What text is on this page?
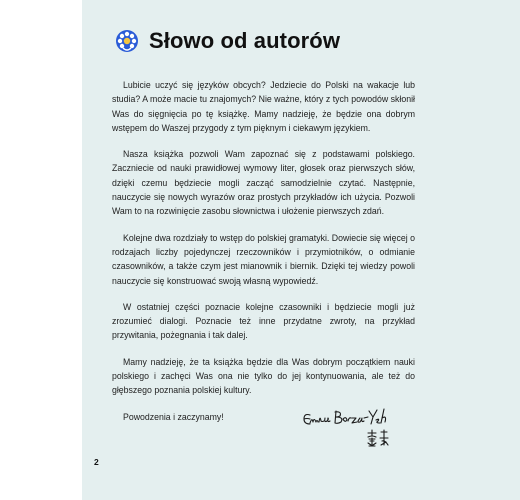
Słowo od autorów

Lubicie uczyć się języków obcych? Jedziecie do Polski na wakacje lub studia? A może macie tu znajomych? Nie ważne, który z tych powodów skłonił Was do sięgnięcia po tę książkę. Mamy nadzieję, że będzie ona dobrym wstępem do Waszej przygody z tym pięknym i ciekawym językiem.

Nasza książka pozwoli Wam zapoznać się z podstawami polskiego. Zaczniecie od nauki prawidłowej wymowy liter, głosek oraz pierwszych słów, dzięki czemu będziecie mogli zacząć samodzielnie czytać. Następnie, nauczycie się nowych wyrazów oraz prostych przykładów ich użycia. Pozwoli Wam to na rozwinięcie zasobu słownictwa i ułożenie pierwszych zdań.

Kolejne dwa rozdziały to wstęp do polskiej gramatyki. Dowiecie się więcej o rodzajach liczby pojedynczej rzeczowników i przymiotników, o odmianie czasowników, a także czym jest mianownik i biernik. Dzięki tej wiedzy powoli nauczycie się konstruować swoją własną wypowiedź.

W ostatniej części poznacie kolejne czasowniki i będziecie mogli już zrozumieć dialogi. Poznacie też inne przydatne zwroty, na przykład przywitania, pożegnania i tak dalej.

Mamy nadzieję, że ta książka będzie dla Was dobrym początkiem nauki polskiego i zachęci Was ona nie tylko do jej kontynuowania, ale też do głębszego poznania polskiej kultury.

Powodzenia i zaczynamy!

2
